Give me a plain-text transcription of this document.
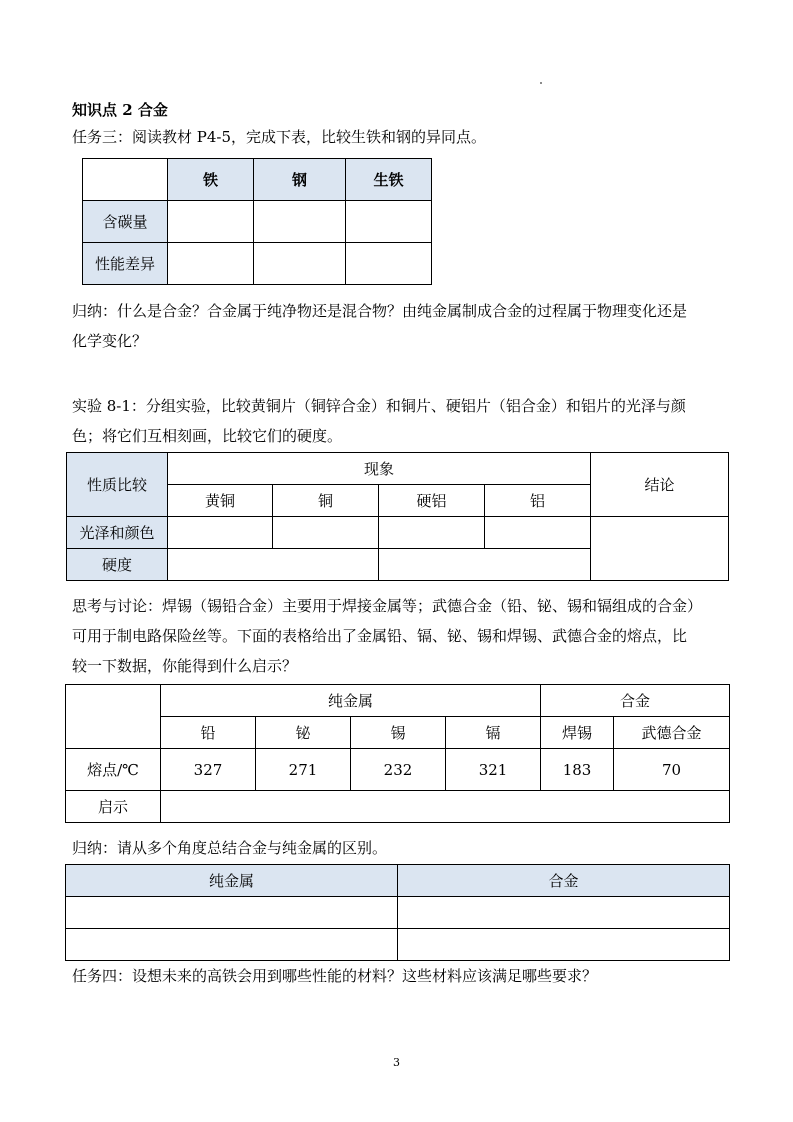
知识点 2 合金
任务三：阅读教材 P4-5，完成下表，比较生铁和钢的异同点。
	铁	钢	生铁
含碳量			
性能差异			
归纳：什么是合金？合金属于纯净物还是混合物？由纯金属制成合金的过程属于物理变化还是
化学变化？
实验 8-1：分组实验，比较黄铜片（铜锌合金）和铜片、硬铝片（铝合金）和铝片的光泽与颜
色；将它们互相刻画，比较它们的硬度。
性质比较	现象				结论
	黄铜	铜	硬铝	铝	
光泽和颜色					
硬度					
思考与讨论：焊锡（锡铅合金）主要用于焊接金属等；武德合金（铅、铋、锡和镉组成的合金）
可用于制电路保险丝等。下面的表格给出了金属铅、镉、铋、锡和焊锡、武德合金的熔点，比
较一下数据，你能得到什么启示？
	纯金属				合金	
	铅	铋	锡	镉	焊锡	武德合金
熔点/℃	327	271	232	321	183	70
启示						
归纳：请从多个角度总结合金与纯金属的区别。
纯金属	合金

任务四：设想未来的高铁会用到哪些性能的材料？这些材料应该满足哪些要求？
3
